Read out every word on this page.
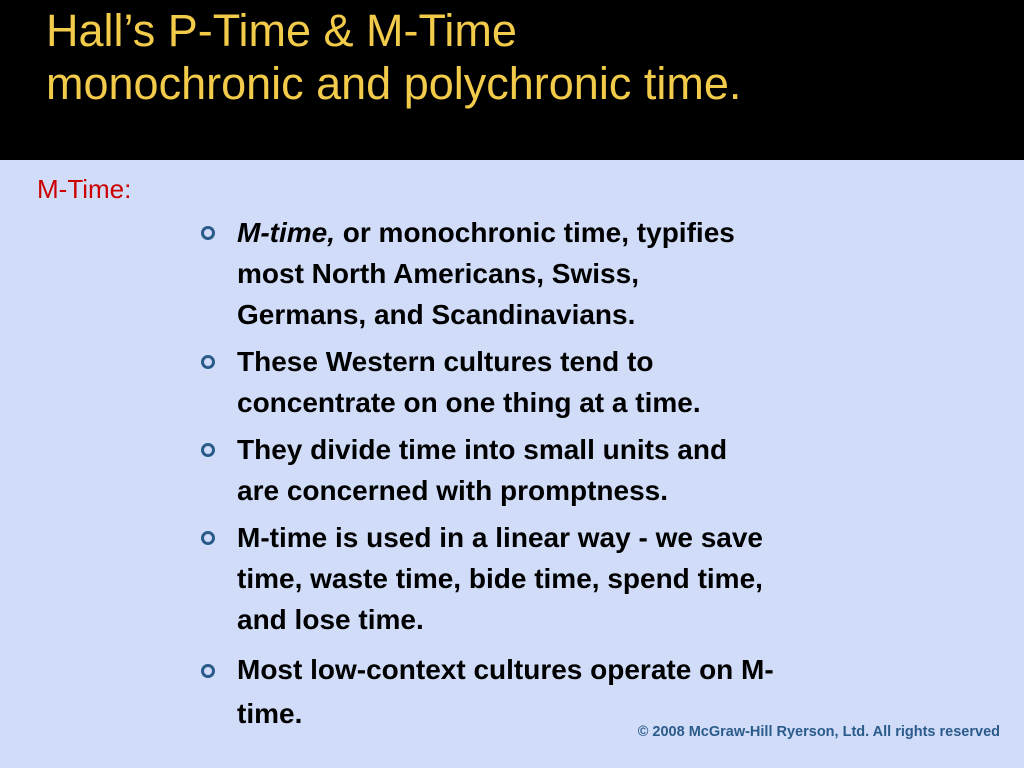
Hall’s P-Time & M-Time
monochronic and polychronic time.
M-Time:
M-time, or monochronic time, typifies
most North Americans, Swiss,
Germans, and Scandinavians.
These Western cultures tend to
concentrate on one thing at a time.
They divide time into small units and
are concerned with promptness.
M-time is used in a linear way - we save
time, waste time, bide time, spend time,
and lose time.
Most low-context cultures operate on M-
time.
© 2008 McGraw-Hill Ryerson, Ltd. All rights reserved
